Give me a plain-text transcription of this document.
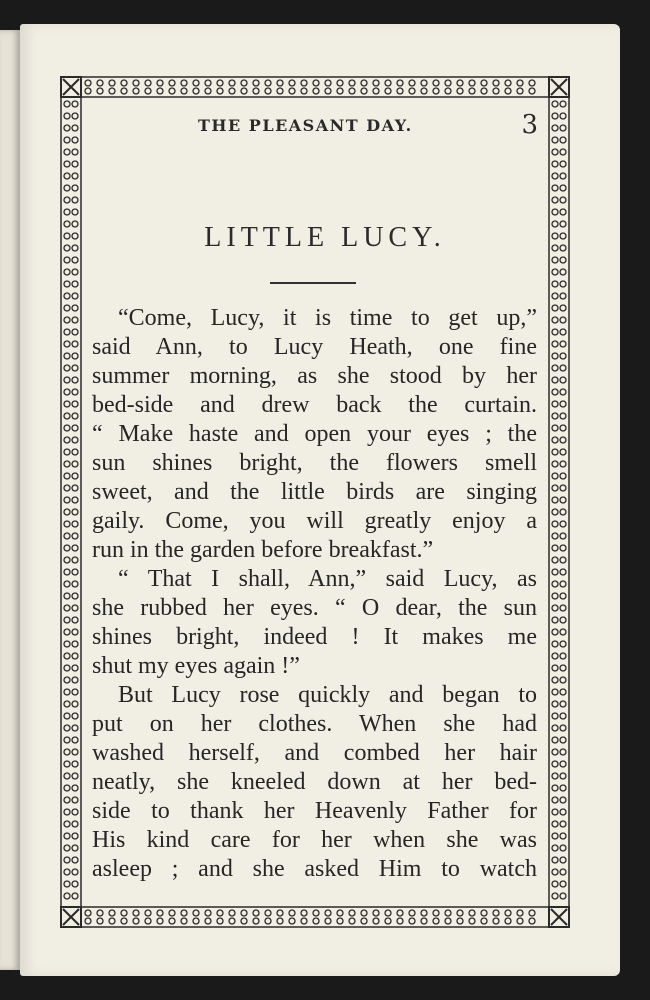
THE PLEASANT DAY.	3
LITTLE LUCY.
“Come, Lucy, it is time to get up,”
said Ann, to Lucy Heath, one fine
summer morning, as she stood by her
bed-side and drew back the curtain.
“ Make haste and open your eyes ; the
sun shines bright, the flowers smell
sweet, and the little birds are singing
gaily. Come, you will greatly enjoy a
run in the garden before breakfast.”
“ That I shall, Ann,” said Lucy, as
she rubbed her eyes. “ O dear, the sun
shines bright, indeed ! It makes me
shut my eyes again !”
But Lucy rose quickly and began to
put on her clothes. When she had
washed herself, and combed her hair
neatly, she kneeled down at her bed-
side to thank her Heavenly Father for
His kind care for her when she was
asleep ; and she asked Him to watch
